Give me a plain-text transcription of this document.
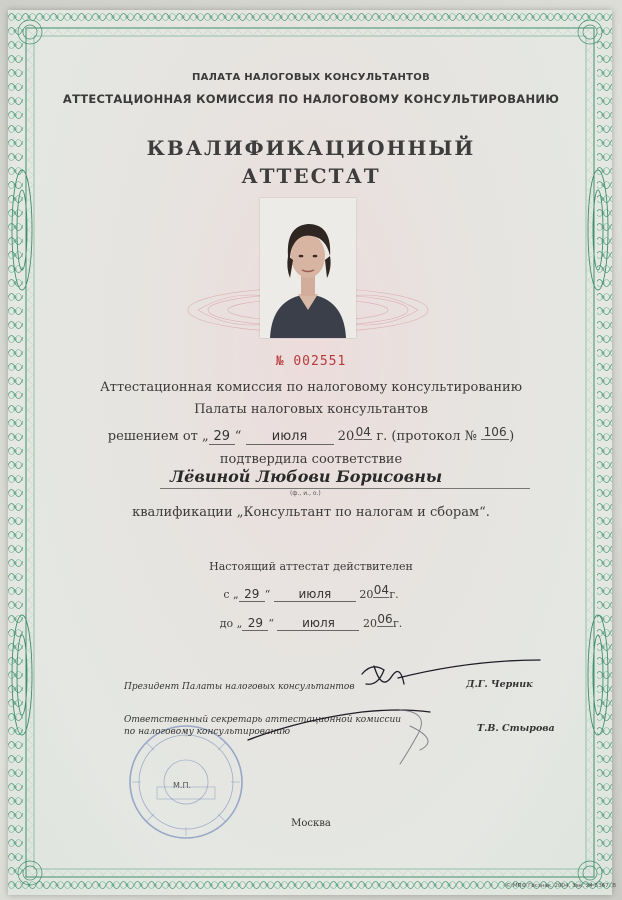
ПАЛАТА НАЛОГОВЫХ КОНСУЛЬТАНТОВ
АТТЕСТАЦИОННАЯ КОМИССИЯ ПО НАЛОГОВОМУ КОНСУЛЬТИРОВАНИЮ
КВАЛИФИКАЦИОННЫЙ
АТТЕСТАТ
№ 002551
Аттестационная комиссия по налоговому консультированию
Палаты налоговых консультантов
решением от „ 29 “ июля 2004 г. (протокол № 106 )
подтвердила соответствие
Лёвиной Любови Борисовны
(ф., и., о.)
квалификации „Консультант по налогам и сборам“.
Настоящий аттестат действителен
с „ 29 “ июля	2004г.
до „ 29 “ июля	2006г.
М.П.
Президент Палаты налоговых консультантов	Д.Г. Черник
Ответственный секретарь аттестационной комиссии
по налоговому консультированию	Т.В. Стырова
Москва
© МПФ Госзнак. 2004. Зак. 24-5367. В
